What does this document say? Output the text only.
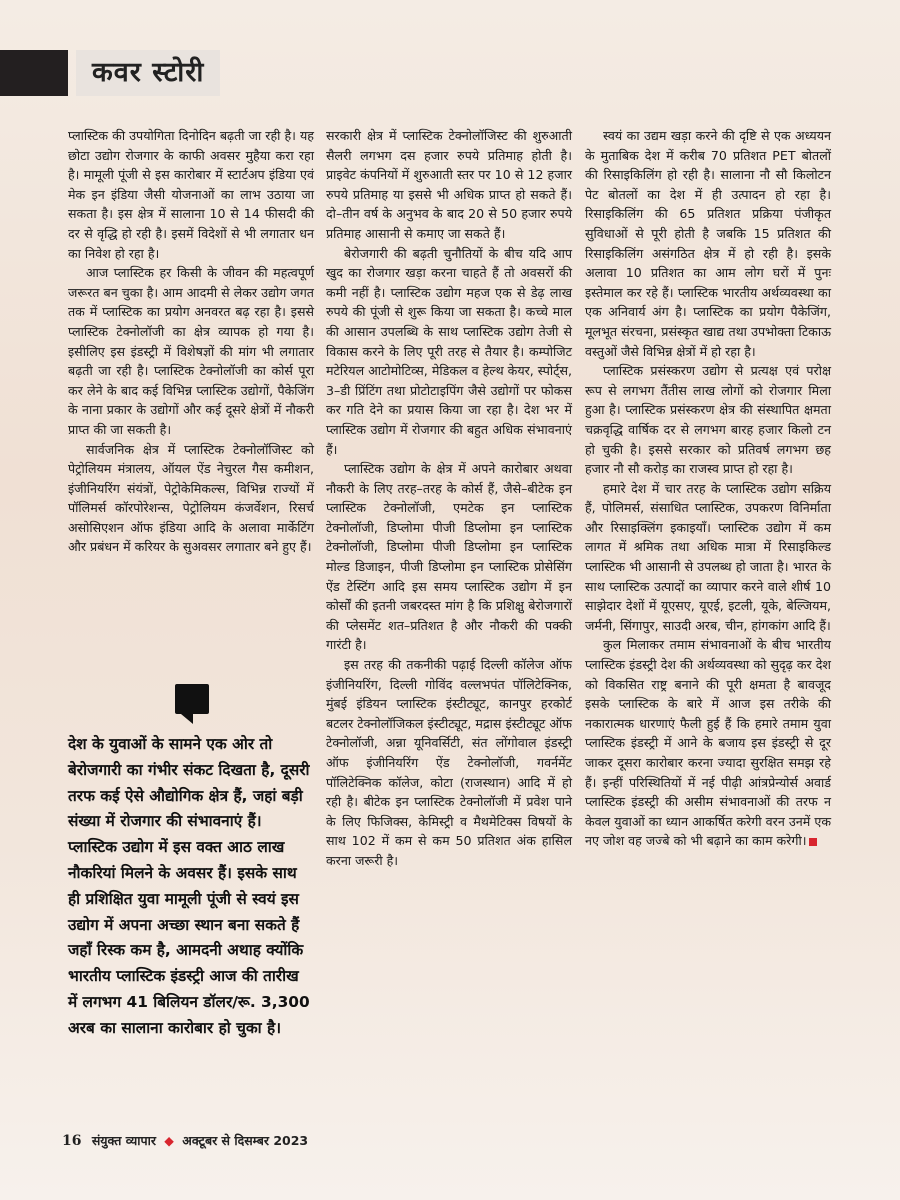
कवर स्टोरी

प्लास्टिक की उपयोगिता दिनोदिन बढ़ती जा रही है। यह छोटा उद्योग रोजगार के काफी अवसर मुहैया करा रहा है। मामूली पूंजी से इस कारोबार में स्टार्टअप इंडिया एवं मेक इन इंडिया जैसी योजनाओं का लाभ उठाया जा सकता है। इस क्षेत्र में सालाना 10 से 14 फीसदी की दर से वृद्धि हो रही है। इसमें विदेशों से भी लगातार धन का निवेश हो रहा है।

आज प्लास्टिक हर किसी के जीवन की महत्वपूर्ण जरूरत बन चुका है। आम आदमी से लेकर उद्योग जगत तक में प्लास्टिक का प्रयोग अनवरत बढ़ रहा है। इससे प्लास्टिक टेक्नोलॉजी का क्षेत्र व्यापक हो गया है। इसीलिए इस इंडस्ट्री में विशेषज्ञों की मांग भी लगातार बढ़ती जा रही है। प्लास्टिक टेक्नोलॉजी का कोर्स पूरा कर लेने के बाद कई विभिन्न प्लास्टिक उद्योगों, पैकेजिंग के नाना प्रकार के उद्योगों और कई दूसरे क्षेत्रों में नौकरी प्राप्त की जा सकती है।

सार्वजनिक क्षेत्र में प्लास्टिक टेक्नोलॉजिस्ट को पेट्रोलियम मंत्रालय, ऑयल ऐंड नेचुरल गैस कमीशन, इंजीनियरिंग संयंत्रों, पेट्रोकेमिकल्स, विभिन्न राज्यों में पॉलिमर्स कॉरपोरेशन्स, पेट्रोलियम कंजर्वेशन, रिसर्च असोसिएशन ऑफ इंडिया आदि के अलावा मार्केटिंग और प्रबंधन में करियर के सुअवसर लगातार बने हुए हैं।

देश के युवाओं के सामने एक ओर तो बेरोजगारी का गंभीर संकट दिखता है, दूसरी तरफ कई ऐसे औद्योगिक क्षेत्र हैं, जहां बड़ी संख्या में रोजगार की संभावनाएं हैं। प्लास्टिक उद्योग में इस वक्त आठ लाख नौकरियां मिलने के अवसर हैं। इसके साथ ही प्रशिक्षित युवा मामूली पूंजी से स्वयं इस उद्योग में अपना अच्छा स्थान बना सकते हैं जहाँ रिस्क कम है, आमदनी अथाह क्योंकि भारतीय प्लास्टिक इंडस्ट्री आज की तारीख में लगभग 41 बिलियन डॉलर/रू. 3,300 अरब का सालाना कारोबार हो चुका है।

सरकारी क्षेत्र में प्लास्टिक टेक्नोलॉजिस्ट की शुरुआती सैलरी लगभग दस हजार रुपये प्रतिमाह होती है। प्राइवेट कंपनियों में शुरुआती स्तर पर 10 से 12 हजार रुपये प्रतिमाह या इससे भी अधिक प्राप्त हो सकते हैं। दो–तीन वर्ष के अनुभव के बाद 20 से 50 हजार रुपये प्रतिमाह आसानी से कमाए जा सकते हैं।

बेरोजगारी की बढ़ती चुनौतियों के बीच यदि आप खुद का रोजगार खड़ा करना चाहते हैं तो अवसरों की कमी नहीं है। प्लास्टिक उद्योग महज एक से डेढ़ लाख रुपये की पूंजी से शुरू किया जा सकता है। कच्चे माल की आसान उपलब्धि के साथ प्लास्टिक उद्योग तेजी से विकास करने के लिए पूरी तरह से तैयार है। कम्पोजिट मटेरियल आटोमोटिव्स, मेडिकल व हेल्थ केयर, स्पोर्ट्स, 3–डी प्रिंटिंग तथा प्रोटोटाइपिंग जैसे उद्योगों पर फोकस कर गति देने का प्रयास किया जा रहा है। देश भर में प्लास्टिक उद्योग में रोजगार की बहुत अधिक संभावनाएं हैं।

प्लास्टिक उद्योग के क्षेत्र में अपने कारोबार अथवा नौकरी के लिए तरह–तरह के कोर्स हैं, जैसे–बीटेक इन प्लास्टिक टेक्नोलॉजी, एमटेक इन प्लास्टिक टेक्नोलॉजी, डिप्लोमा पीजी डिप्लोमा इन प्लास्टिक टेक्नोलॉजी, डिप्लोमा पीजी डिप्लोमा इन प्लास्टिक मोल्ड डिजाइन, पीजी डिप्लोमा इन प्लास्टिक प्रोसेसिंग ऐंड टेस्टिंग आदि इस समय प्लास्टिक उद्योग में इन कोर्सों की इतनी जबरदस्त मांग है कि प्रशिक्षु बेरोजगारों की प्लेसमेंट शत–प्रतिशत है और नौकरी की पक्की गारंटी है।

इस तरह की तकनीकी पढ़ाई दिल्ली कॉलेज ऑफ इंजीनियरिंग, दिल्ली गोविंद वल्लभपंत पॉलिटेक्निक, मुंबई इंडियन प्लास्टिक इंस्टीट्यूट, कानपुर हरकोर्ट बटलर टेक्नोलॉजिकल इंस्टीट्यूट, मद्रास इंस्टीट्यूट ऑफ टेक्नोलॉजी, अन्ना यूनिवर्सिटी, संत लोंगोवाल इंडस्ट्री ऑफ इंजीनियरिंग ऐंड टेक्नोलॉजी, गवर्नमेंट पॉलिटेक्निक कॉलेज, कोटा (राजस्थान) आदि में हो रही है। बीटेक इन प्लास्टिक टेक्नोलॉजी में प्रवेश पाने के लिए फिजिक्स, केमिस्ट्री व मैथमेटिक्स विषयों के साथ 102 में कम से कम 50 प्रतिशत अंक हासिल करना जरूरी है।

स्वयं का उद्यम खड़ा करने की दृष्टि से एक अध्ययन के मुताबिक देश में करीब 70 प्रतिशत PET बोतलों की रिसाइकिलिंग हो रही है। सालाना नौ सौ किलोटन पेट बोतलों का देश में ही उत्पादन हो रहा है। रिसाइकिलिंग की 65 प्रतिशत प्रक्रिया पंजीकृत सुविधाओं से पूरी होती है जबकि 15 प्रतिशत की रिसाइकिलिंग असंगठित क्षेत्र में हो रही है। इसके अलावा 10 प्रतिशत का आम लोग घरों में पुनः इस्तेमाल कर रहे हैं। प्लास्टिक भारतीय अर्थव्यवस्था का एक अनिवार्य अंग है। प्लास्टिक का प्रयोग पैकेजिंग, मूलभूत संरचना, प्रसंस्कृत खाद्य तथा उपभोक्ता टिकाऊ वस्तुओं जैसे विभिन्न क्षेत्रों में हो रहा है।

प्लास्टिक प्रसंस्करण उद्योग से प्रत्यक्ष एवं परोक्ष रूप से लगभग तैंतीस लाख लोगों को रोजगार मिला हुआ है। प्लास्टिक प्रसंस्करण क्षेत्र की संस्थापित क्षमता चक्रवृद्धि वार्षिक दर से लगभग बारह हजार किलो टन हो चुकी है। इससे सरकार को प्रतिवर्ष लगभग छह हजार नौ सौ करोड़ का राजस्व प्राप्त हो रहा है।

हमारे देश में चार तरह के प्लास्टिक उद्योग सक्रिय हैं, पोलिमर्स, संसाधित प्लास्टिक, उपकरण विनिर्माता और रिसाइक्लिंग इकाइयाँ। प्लास्टिक उद्योग में कम लागत में श्रमिक तथा अधिक मात्रा में रिसाइकिल्ड प्लास्टिक भी आसानी से उपलब्ध हो जाता है। भारत के साथ प्लास्टिक उत्पादों का व्यापार करने वाले शीर्ष 10 साझेदार देशों में यूएसए, यूएई, इटली, यूके, बेल्जियम, जर्मनी, सिंगापुर, साउदी अरब, चीन, हांगकांग आदि हैं।

कुल मिलाकर तमाम संभावनाओं के बीच भारतीय प्लास्टिक इंडस्ट्री देश की अर्थव्यवस्था को सुदृढ़ कर देश को विकसित राष्ट्र बनाने की पूरी क्षमता है बावजूद इसके प्लास्टिक के बारे में आज इस तरीके की नकारात्मक धारणाएं फैली हुई हैं कि हमारे तमाम युवा प्लास्टिक इंडस्ट्री में आने के बजाय इस इंडस्ट्री से दूर जाकर दूसरा कारोबार करना ज्यादा सुरक्षित समझ रहे हैं। इन्हीं परिस्थितियों में नई पीढ़ी आंत्रप्रेन्योर्स अवार्ड प्लास्टिक इंडस्ट्री की असीम संभावनाओं की तरफ न केवल युवाओं का ध्यान आकर्षित करेगी वरन उनमें एक नए जोश वह जज्बे को भी बढ़ाने का काम करेगी।

16 संयुक्त व्यापार ◆ अक्टूबर से दिसम्बर 2023
